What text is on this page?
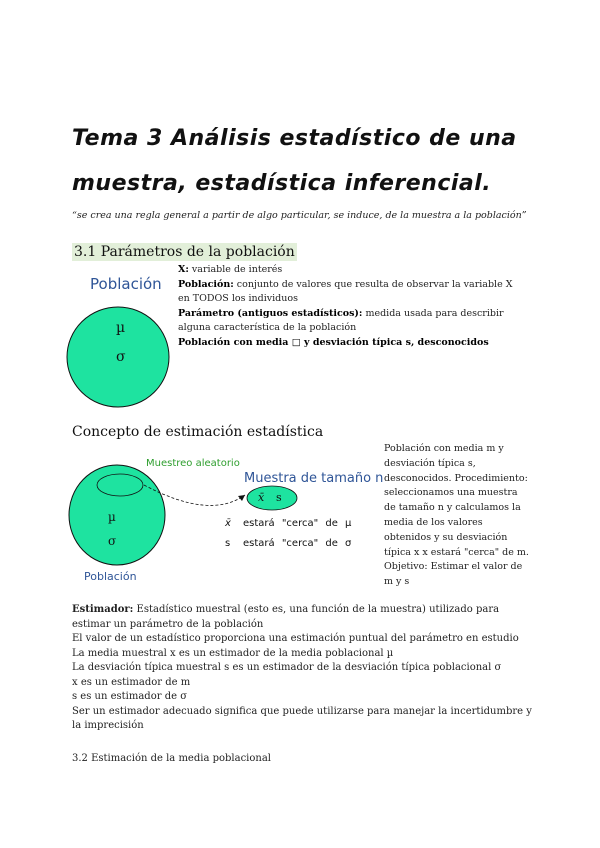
Tema 3 Análisis estadístico de una
muestra, estadística inferencial.
“se crea una regla general a partir de algo particular, se induce, de la muestra a la población”
3.1 Parámetros de la población
Población
µ
σ
X: variable de interés
Población: conjunto de valores que resulta de observar la variable X en TODOS los individuos
Parámetro (antiguos estadísticos): medida usada para describir alguna característica de la población
Población con media □ y desviación típica s, desconocidos
Concepto de estimación estadística
Muestreo aleatorio
Muestra de tamaño n
x̄ s
µ
σ
Población
x̄ estará "cerca" de µ
s estará "cerca" de σ
Población con media m y desviación típica s, desconocidos. Procedimiento: seleccionamos una muestra de tamaño n y calculamos la media de los valores obtenidos y su desviación típica x x estará "cerca" de m. Objetivo: Estimar el valor de m y s
Estimador: Estadístico muestral (esto es, una función de la muestra) utilizado para estimar un parámetro de la población
El valor de un estadístico proporciona una estimación puntual del parámetro en estudio
La media muestral x es un estimador de la media poblacional µ
La desviación típica muestral s es un estimador de la desviación típica poblacional σ
x es un estimador de m
s es un estimador de σ
Ser un estimador adecuado significa que puede utilizarse para manejar la incertidumbre y la imprecisión
3.2 Estimación de la media poblacional
